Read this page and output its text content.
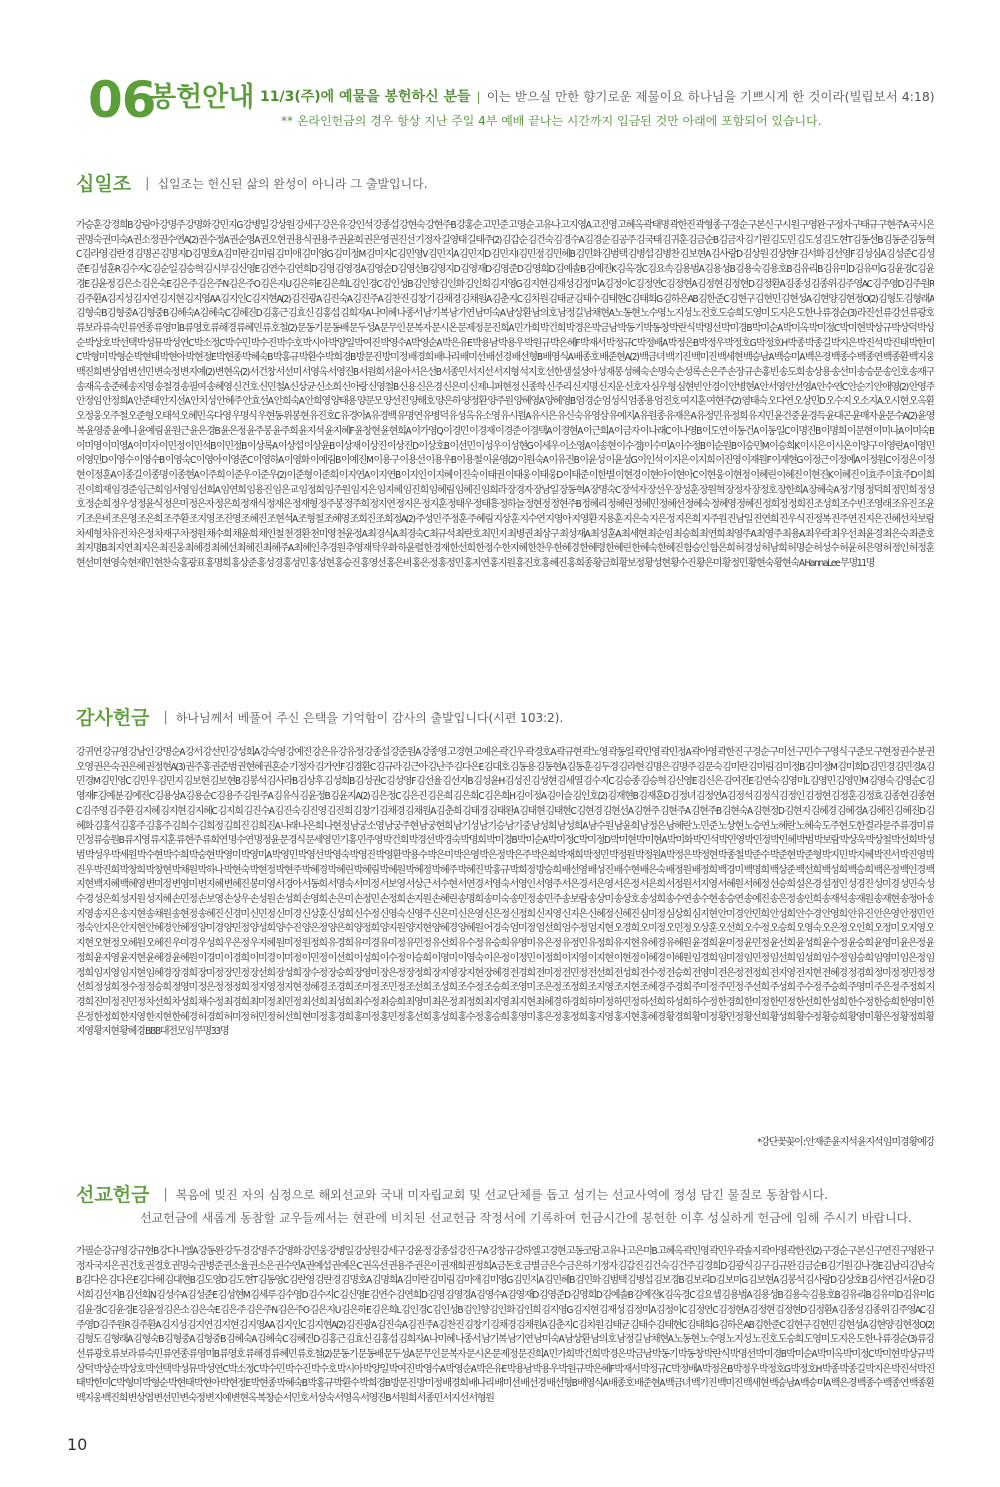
06
봉헌안내 11/3(주)에 예물을 봉헌하신 분들 | 이는 받으실 만한 향기로운 제물이요 하나님을 기쁘시게 한 것이라(빌립보서 4:18)
** 온라인헌금의 경우 항상 지난 주일 4부 예배 끝나는 시간까지 입금된 것만 아래에 포함되어 있습니다.
십일조 | 십일조는 헌신된 삶의 완성이 아니라 그 출발입니다.
가승훈 강경희B 강림아 강명주 강명화 강민지G 강병일 강상원 강세구 강은유 강인석 강종섭 강현숙 강현주B 강홍순 고민준 고영순 고유나 고지영A 고진영 고혜옥 곽태명 곽한진 곽형종 구경순 구본신 구시원 구영완 구정자 구태규 구현주A 국시은 권명숙 권미숙A 권소정 권수연A(2) 권수정A 권순영A 권오현 권용식 권용주 권윤희 권은영 권진선 기정자 길영태 길태주(2) 김갑순 김건숙 김경수A 김경순 김공주 김국태 김귀훈 김금순B 김금자 김기원 김도민 김도성 김도현T 김동선B 김동준 김동혁C 김라영 김란경 김명곤 김명지D 김명호A 김미란 김미림 김미애 김미영G 김미정M 김미지C 김민영V 김민지A 김민지D 김민지I 김민정 김민혜B 김민화 김범택 김병섭 김병찬 김보현A 김사랑D 김상원 김상현F 김서화 김선영F 김성심A 김성준C 김성준E 김성훈R 김수지C 김순일 김승혁 김시부 김신영E 김연수 김연희D 김영 김영경A 김영순D 김영신B 김영지D 김영재D 김영준D 김영희D 김예솔B 김예진K 김옥경C 김요속 김용범A 김용성B 김용숙 김용호B 김유리B 김유미D 김유미G 김윤경C 김윤경E 김윤정 김은소 김은숙E 김은주 김은주N 김은주O 김은지U 김은하E 김은희L 김인경C 김인성B 김인향 김인화 김인희 김지영G 김지현 김재성 김정미A 김정이C 김정연C 김정현A 김정현 김정현D 김정환A 김종성 김종위 김주영AC 김주영D 김주원R 김주환A 김지성 김지연 김지현 김지영AA 김지인C 김지현A(2) 김진광A 김진숙A 김진주A 김찬진 김창기 김채경 김채원A 김춘지C 김치원 김태균 김태수 김태현C 김태희G 김하은AB 김한준C 김현구 김현민 김현성A 김현양 김현정O(2) 김형도 김형래A 김형숙B 김형중A 김형중B 김혜숙A 김혜숙C 김혜진D 김홍근 김효신 김홍섭 김희자A 나미혜 나종서 남기복 남기연 남미숙A 남상환 남의호 남정길 남채현A 노동현 노수영 노지성 노진호 도승희 도영미 도지은 도한나 류경순(3) 라진선 류강선 류광호 류보라 류숙민 류연종 류영미B 류영호 류해경 류혜민 류호철(2) 문동기 문동배 문두성A 문무인 문복자 문시온 문제정 문진희A 민가희 박건희 박경은 박금남 박동기 박동창 박란식 박명선 박미경B 박미순A 박미옥 박미정C 박미현 박상규 박상덕 박상순 박상호 박선택 박성뮤 박성연C 박소정C 박수민 박수진 박수호 박시아 박양일 박여진 박영수A 박영순A 박은유E 박용남 박용우 박원규 박은혜F 박재서 박정규C 박정배A 박정은B 박정우 박정호G 박정호H 박종 박종길 박지은 박진석 박진태 박한미C 박형미 박형순 박현태 박현아 박현정E 박현종 박혜숙B 박홍규 박환수 박희경B 방문진 방미정 배경희 배나리 배미선 배선경 배선형B 배영식A 배종호 배준현A(2) 백금녀 백기진 백미진 백세현 백승남A 백승미A 백은경 백종수 백종연 백종환 백지웅 백진희 변상엽 변선민 변숙정 변지예(2) 변현옥(2) 서건창 서선미 서영옥 서영진B 서원희 서윤아 서은선B 서종민 서지선 서지형 석지호 선한샘 설성아 성재봉 성혜숙 손명숙 손성록 손은주 손장규 손홍빈 송도희 송상용 송선미 송승문 송인호 송재구 송재옥 송준혜 송지영 송철경 송필여 송혜영 신건호 신민철A 신상균 신소희 신아랑 신영철B 신용 신은경 신은미 신제니퍼현정 신종학 신주리 신지명 신지운 신호자 심우형 심현빈 안경이 안병현A 안서영 안선영A 안수연C 안순기 안애영(2) 안영주 안정임 안정희A 안준태 안지선A 안치성 안혜주 안효선A 안희숙A 안희영 양태용 양문모 양선진 양해호 양은하 양정환 양주원 양혜영A 양혜영B 엄경순 엄성식 엄종용 엄진호 여지훈 여현주(2) 염태숙 오다연 오상민D 오수지 오소지A 오시현 오옥환 오정웅 오주철 오준형 오태석 오혜민 옥다영 우명식 우현동 위봉현 유진호C 유경아A 유경백 유명연 유병덕 유성옥 유소영 유시원A 유시은 유신숙 유영삼 유예지A 유원종 유재은A 유정민 유정희 유지민 윤건중 윤경득 윤대곤 윤매자 윤문수A(2) 윤영복 윤영중 윤예니 윤예림 윤원근 윤은경B 윤은정 윤주봉 윤주희 윤지석 윤지혜F 윤창현 윤현희A 이가영Q 이경민 이경재 이경준 이경택A 이경현A 이근희A 이금자 이나래C 이나영B 이도연 이동건A 이동일C 이명진B 이명희 이문현 이미나A 이미숙B 이미영 이미영A 이미자 이민정 이민석B 이민정B 이상록A 이상섭 이상윤B 이상재 이상진 이상진D 이상호B 이선민 이성우 이성현G 이세우 이소영A 이송현 이수경J 이수미A 이수정B 이순원B 이승민M 이승희K 이시은 이시온 이양구 이영란A 이영민 이영민D 이영수 이영수B 이영숙C 이영아 이영준C 이영하A 이영화 이예림B 이예진M 이용구 이용선 이용우B 이용철 이윤영(2) 이원숙A 이유진B 이윤성 이윤성G 이인석 이지은 이지희 이진영 이재원F 이재현G 이정근 이정예A 이정원C 이정은 이정현 이정훈A 이종길 이종명 이종현A 이주희 이준우 이준우(2) 이준형 이준희 이지연A 이지연B 이지인 이지혜 이진숙 이태권 이태웅 이태웅D 이태준 이한별 이현경 이현아 이현아C 이현웅 이현정 이혜린 이혜진 이현진K 이혜진 이효주 이효주D 이희진 이희재 임경준 임근희 임서영 임선희A 임연희 임용진 임은교 임정희 임주원 임지은 임지혜 임진희 임혜림 임혜진 임희라 장경자 장남일 장동혁A 장명숙C 장석자 장선우 장성훈 장원혁 장정자 장정호 장한희A 장혜숙A 정기영 정덕희 정민희 정성호 정순희 정우성 정윤식 정은미 정은자 정은희 정재식 정재은 정재형 정주봉 정주희 정지연 정지은 정지훈 정태우 정태흥 정하늘 정현정 정현주B 정혜리 정혜린 정혜민 정혜선 정혜숙 정혜영 정혜진 정희정 정희진 조성희 조수빈 조영래 조유진 조윤기 조은비 조은영 조은희 조주환 조지영 조진영 조혜진 조현석A 조형철 조혜영 조희진 조희정A(2) 주성민 주정훈 주혜림 지상훈 지수연 지영아 지영환 지용훈 지은숙 지은정 지은희 지주원 진남일 진연희 진우식 진정복 진주연 진지은 진혜선 차보람 차세형 차유진 차은정 차재구 차정원 채수희 채윤희 채인철 천경환 천미영 천윤정A 최경식A 최경숙C 최규석 최란호 최민지 최병권 최상구 최성재A 최성훈A 최세현 최순임 최승희 최연희 최영주A 최영주 최용A 최우락 최우선 최윤경 최은숙 최준호 최지명B 최지연 최지은 최진웅 최혜경 최혜선 최혜진 최혜주A 최혜인 추경원 추영재 탁우화 하윤렬 한경재 한선희 한정수 한지혜 한찬우 한혜경 한혜령 한혜린 한혜숙 한혜진 함승인 함은희 허경성 허남희 허명순 허성수 허윤 허은영 허정인 허정훈 현선미 현영숙 현재민 현찬숙 홍광표 홍명희 홍상준 홍성경 홍성민 홍성현 홍승진 홍영선 홍은비 홍은정 홍정민 홍지연 홍지원 홍진호 홍혜진 홍희종 황금희 황보정 황성현 황수진 황은미 황정민 황현숙 황현숙A HannaLee 무명11명
감사헌금 | 하나님께서 베풀어 주신 은택을 기억함이 감사의 출발입니다(시편 103:2).
강귀연 강규영 강남인 강명순A 강서 강선민 강성희A 강숙영 강예진 강은유 강유정 강종섭 강준원A 강종영 고경현 고예은 곽긴우 곽경호A 곽규현 곽노영 곽동일 곽민영 곽민정A 곽아영 곽한진 구경순 구미선 구민수 구영식 구준모 구현정 권수분 권오영 권은숙 권은혜 권정현A(3) 권주홍 권준범 권현혜 권혼순 기정자 김가연F 김경환C 김규라 김근아 김난주 김다은E 김대호 김동용 김동현A 김동훈 김두경 김라현 김명은 김명주 김문숙 김미란 김미림 김미정B 김미정M 김미희D 김민경 김민경A 김민경M 김민영C 김민우 김민지 김보현 김보현B 김봉석 김사라B 김상후 김성희B 김성권C 김성영F 김선율 김선지B 김성윤H 김성진 김성현 김세열 김수지C 김승종 김승혁 김신영E 김신은 김여진E 김연숙 김영미L 김영민 김영민M 김영숙 김영순C 김영재F 김예분 김예진C 김용상A 김용순C 김용주 김원주A 김유식 김윤정B 김윤지A(2) 김은정C 김은진 김은희 김은희C 김은희H 김이정A 김이슬 김인호(2) 김재현B 김재훈D 김정녀 김정연A 김정석 김정식 김정인 김정현 김정훈 김정효 김종현 김종현C 김주영 김주환 김지혜 김지현 김지혜C 김지희 김진수A 김진숙 김진영 김진희 김창기 김채경 김채원A 김춘희 김태경 김태완A 김태현 김태현C 김현경 김현선A 김현주 김현주A 김현주B 김현숙A 김현정D 김현지 김혜경 김혜경A 김혜진 김혜진D 김혜화 김홍석 김홍주 김홍주 김희수 김희정 김희진 김희진A 나래 나은희 나현정 남궁소영 남궁주현 남궁현희 남기성 남기승 남기중 남성희 남성희A 남수원 남윤희 남정은 남혜란 노민준 노상현 노승연 노혜란 노혜숙 도주현 도한결 라문주 류경미 류민정 류승원B 류지영 류지훈 류현주 류희연 명수연 명정윤 문경식 문세영 민기홍 민주영 박건희 박경선 박경숙 박명희 박미경B 박미순A 박미정C 박미정D 박미현 박미현A 박미화 박민석 박민영 박민정 박민혜 박범 박보람 박상욱 박상철 박선희 박성범 박성우 박세원 박수현 박수희 박승현 박영미 박영미A 박영민 박영선 박영숙 박영진 박영환 박용수 박은미 박은영 박은정 박은주 박은희 박재희 박정민 박정원 박정원A 박정은 박정현 박종철 박준수 박준현 박준형 박지민 박지혜 박진서 박진영 박진우 박진희 박창희 박창현 박채원 박하나 박현숙 박현정 박현주 박혜경 박혜린 박혜림 박혜원 박혜정 박혜주 박혜진 박홍규 박희정 방승희 배선영 배성진 배수현 배은숙 배정원 배정희 백경미 백명희 백상준 백선희 백성희 백승희 백은정 백인경 백지현 백지혜 백혜영 변미정 변영미 변지혜 변혜진 봉미영 서경아 서동희 서명숙 서미정 서보영 서상근 서수현 서연경 서영숙 서영인 서영주 서은경 서은영 서은정 서은희 서정원 서지영 서혜원 서혜정 선승희 설은경 설정민 성경진 성미경 성민숙 성수경 성은희 성지원 성지혜 손민정 손보영 손상우 손성원 손성희 손영희 손은미 손정민 손정희 손지원 손혜린 송명희 송미숙 송민정 송민주 송보람 송상미 송상호 송성희 송수연 송수현 송승연 송예진 송은정 송인희 송재석 송재원 송재현 송정아 송지영 송지은 송지현 송채원 송현정 송혜진 신경미 신민정 신미경 신상훈 신성희 신수정 신영숙 신영주 신은미 신은영 신은정 신정희 신지영 신지은 신혜정 신혜진 심미정 심상희 심지현 안미경 안민희 안성희 안수경 안영희 안유진 안은영 안정민 안정숙 안지은 안지현 안혜경 안혜정 양미경 양민정 양성희 양수진 양은정 양은희 양정희 양지원 양지현 양혜경 양혜원 어경숙 엄미정 엄선희 엄수정 엄지현 오경희 오미정 오민정 오상훈 오선희 오수정 오승희 오영숙 오은정 오인희 오정미 오지영 오지현 오현정 오혜원 오혜진 우미경 우성희 우은정 우지혜 원미정 원정희 유경희 유미경 유미정 유민정 유선희 유수정 유승희 유영미 유은정 유정민 유정희 유지현 유혜경 유혜원 윤경희 윤미정 윤민정 윤선희 윤성희 윤수정 윤승희 윤영미 윤은정 윤정희 윤지영 윤지현 윤혜경 윤혜원 이경미 이경희 이미경 이미정 이민정 이선희 이성희 이수정 이승희 이영미 이영숙 이은정 이정민 이정희 이지영 이지현 이현정 이혜경 이혜원 임경희 임미정 임민정 임선희 임성희 임수정 임승희 임영미 임은정 임정희 임지영 임지현 임혜경 장경희 장미정 장민정 장선희 장성희 장수정 장승희 장영미 장은정 장정희 장지영 장지현 장혜경 전경희 전미정 전민정 전선희 전성희 전수정 전승희 전영미 전은정 전정희 전지영 전지현 전혜경 정경희 정미정 정민정 정선희 정성희 정수정 정승희 정영미 정은정 정정희 정지영 정지현 정혜경 조경희 조미정 조민정 조선희 조성희 조수정 조승희 조영미 조은정 조정희 조지영 조지현 조혜경 주경희 주미정 주민정 주선희 주성희 주수정 주승희 주영미 주은정 주정희 지경희 진미정 진민정 차선희 차성희 채수정 최경희 최미정 최민정 최선희 최성희 최수정 최승희 최영미 최은정 최정희 최지영 최지현 최혜경 하경희 하미정 하민정 하선희 하성희 하수정 한경희 한미정 한민정 한선희 한성희 한수정 한승희 한영미 한은정 한정희 한지영 한지현 한혜경 허경희 허미정 허민정 허선희 현미정 홍경희 홍미정 홍민정 홍선희 홍성희 홍수정 홍승희 홍영미 홍은정 홍정희 홍지영 홍지현 홍혜경 황경희 황미정 황민정 황선희 황성희 황수정 황승희 황영미 황은정 황정희 황지영 황지현 황혜경 BBB대전모임 무명33명
*강단꽃꽂이 : 안재준 윤지석 윤지석 임미경 황예강
선교헌금 | 복음에 빚진 자의 심정으로 해외선교와 국내 미자립교회 및 선교단체를 돕고 섬기는 선교사역에 정성 담긴 물질로 동참합시다.
선교헌금에 새롭게 동참할 교우들께서는 현관에 비치된 선교헌금 작정서에 기록하여 헌금시간에 봉헌한 이후 성실하게 헌금에 임해 주시기 바랍니다.
가필순 강규영 강규현B 강다니엘A 강동완 강두경 강명주 강명화 강민웅 강병일 강상원 강세구 강윤정 강종섭 강진구A 강창규 강하엘 고경현 고동코람 고유나 고은미B 고혜옥 곽민영 곽민우 곽솔지 곽아영 곽한진(2) 구경순 구본신 구연진 구영완 구정자 국지은 권건호 권경호 권명숙 권병준 권소율 권소은 권수연A 권예섭 권예은C 권옥선 권용주 권은이 권재희 권정희A 금돈호 금별 금은수 금은하 기정자 김갑진 김건숙 김건주 김경희D 김광식 김구 김규완 김금순B 김기원 김나경E 김남리 김남숙B 김다은 김다은E 김다혜 김대현B 김도영D 김도현T 김동영C 김란영 김란경 김명호A 김명희A 김미란 김미림 김미애 김미영G 김민지A 김민혜B 김민화 김범택 김병섭 김보경B 김보리D 김보미G 김보현A 김봉석 김사랑D 김상호B 김서연 김서윤D 김서희 김선지B 김선희N 김성수A 김성준E 김성현M 김세루 김수영D 김수지C 김신영E 김연수 김연희D 김영 김영경A 김영수A 김영재D 김영준D 김영희D 김예솔B 김예진K 김옥경C 김요셉 김용범A 김용성B 김용숙 김용호B 김유리B 김유미D 김유미G 김윤경C 김윤경E 김윤정 김은소 김은숙E 김은주 김은주N 김은주O 김은지U 김은하E 김은희L 김인경C 김인성B 김인향 김인화 김인희 김지영G 김지현 김재성 김정미A 김정이C 김정연C 김정현A 김정현 김정현D 김정환A 김종성 김종위 김주영AC 김주영D 김주원R 김주환A 김지성 김지연 김지현 김지영AA 김지인C 김지현A(2) 김진광A 김진숙A 김진주A 김찬진 김창기 김채경 김채원A 김춘지C 김치원 김태균 김태수 김태현C 김태희G 김하은AB 김한준C 김현구 김현민 김현성A 김현양 김현정O(2) 김형도 김형래A 김형숙B 김형중A 김형중B 김혜숙A 김혜숙C 김혜진D 김홍근 김효신 김홍섭 김희자A 나미혜 나종서 남기복 남기연 남미숙A 남상환 남의호 남정길 남채현A 노동현 노수영 노지성 노진호 도승희 도영미 도지은 도한나 류경순(3) 류강선 류광호 류보라 류숙민 류연종 류영미B 류영호 류해경 류혜민 류호철(2) 문동기 문동배 문두성A 문무인 문복자 문시온 문제정 문진희A 민가희 박건희 박경은 박금남 박동기 박동창 박란식 박명선 박미경B 박미순A 박미옥 박미정C 박미현 박상규 박상덕 박상순 박상호 박선택 박성뮤 박성연C 박소정C 박수민 박수진 박수호 박시아 박양일 박여진 박영수A 박영순A 박은유E 박용남 박용우 박원규 박은혜F 박재서 박정규C 박정배A 박정은B 박정우 박정호G 박정호H 박종 박종길 박지은 박진석 박진태 박한미C 박형미 박형순 박현태 박현아 박현정E 박현종 박혜숙B 박홍규 박환수 박희경B 방문진 방미정 배경희 배나리 배미선 배선경 배선형B 배영식A 배종호 배준현A 백금녀 백기진 백미진 백세현 백승남A 백승미A 백은경 백종수 백종연 백종환 백지웅 백진희 변상엽 변선민 변숙정 변지예 변현옥 복창순 서민호 서상숙 서영옥 서영진B 서원희 서종민 서지선 서형원
10
